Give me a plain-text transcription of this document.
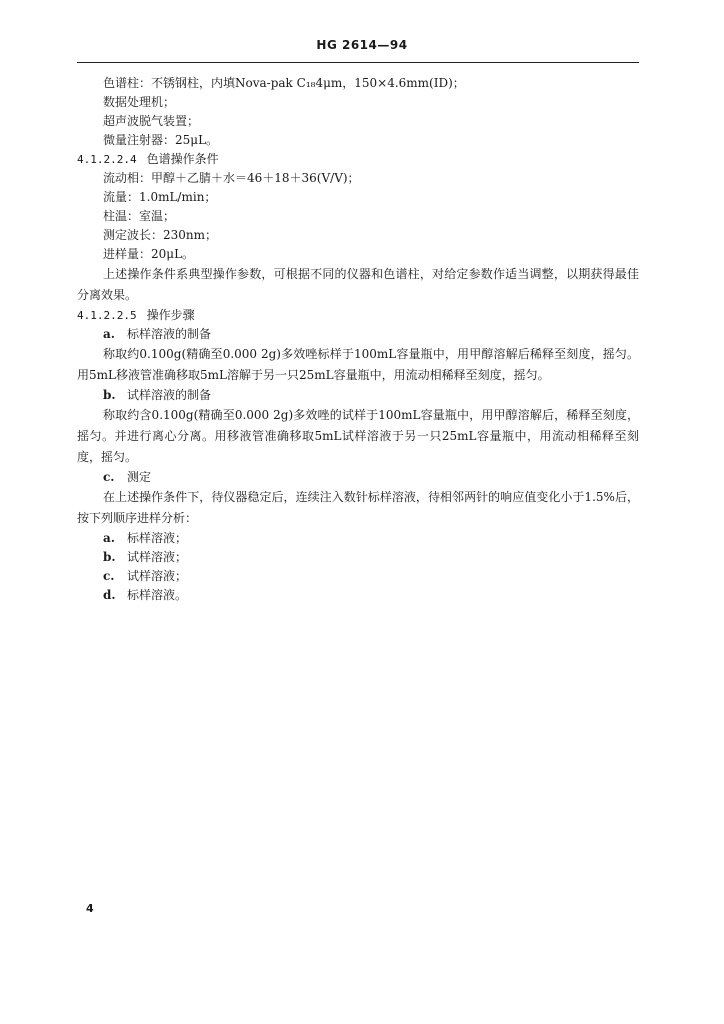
HG 2614—94

色谱柱：不锈钢柱，内填Nova-pak C₁₈4μm，150×4.6mm(ID)；

数据处理机；

超声波脱气装置；

微量注射器：25μL。

4.1.2.2.4 色谱操作条件

流动相：甲醇＋乙腈＋水＝46＋18＋36(V/V)；

流量：1.0mL/min；

柱温：室温；

测定波长：230nm；

进样量：20μL。

上述操作条件系典型操作参数，可根据不同的仪器和色谱柱，对给定参数作适当调整，以期获得最佳分离效果。

4.1.2.2.5 操作步骤

a. 标样溶液的制备

称取约0.100g(精确至0.000 2g)多效唑标样于100mL容量瓶中，用甲醇溶解后稀释至刻度，摇匀。用5mL移液管准确移取5mL溶解于另一只25mL容量瓶中，用流动相稀释至刻度，摇匀。

b. 试样溶液的制备

称取约含0.100g(精确至0.000 2g)多效唑的试样于100mL容量瓶中，用甲醇溶解后，稀释至刻度，摇匀。并进行离心分离。用移液管准确移取5mL试样溶液于另一只25mL容量瓶中，用流动相稀释至刻度，摇匀。

c. 测定

在上述操作条件下，待仪器稳定后，连续注入数针标样溶液，待相邻两针的响应值变化小于1.5%后，按下列顺序进样分析：

a. 标样溶液；

b. 试样溶液；

c. 试样溶液；

d. 标样溶液。

4
